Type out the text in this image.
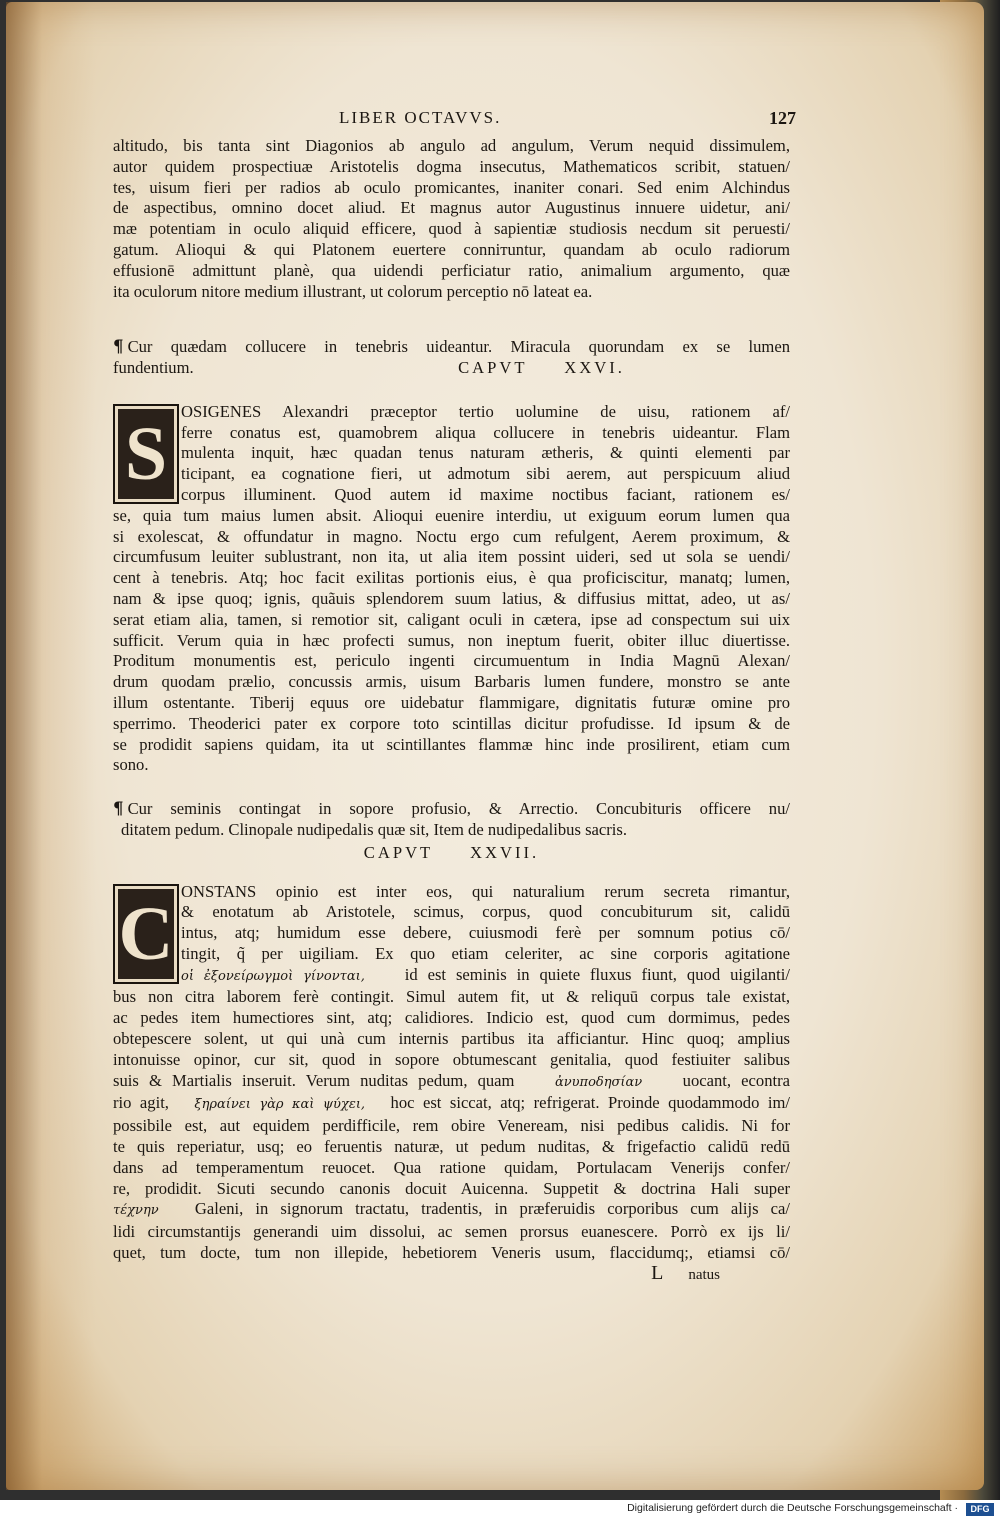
LIBER OCTAVVS.	127
altitudo, bis tanta sint Diagonios ab angulo ad angulum, Verum nequid dissimulem,
autor quidem prospectiuæ Aristotelis dogma insecutus, Mathematicos scribit, statuen/
tes, uisum fieri per radios ab oculo promicantes, inaniter conari. Sed enim Alchindus
de aspectibus, omnino docet aliud. Et magnus autor Augustinus innuere uidetur, ani/
mæ potentiam in oculo aliquid efficere, quod à sapientiæ studiosis necdum sit peruesti/
gatum. Alioqui & qui Platonem euertere conniтuntur, quandam ab oculo radiorum
effusionē admittunt planè, qua uidendi perficiatur ratio, animalium argumento, quæ
ita oculorum nitore medium illustrant, ut colorum perceptio nō lateat ea.
¶ Cur quædam collucere in tenebris uideantur. Miracula quorundam ex se lumen
fundentium.	CAPVT XXVI.
S
OSIGENES Alexandri præceptor tertio uolumine de uisu, rationem af/
ferre conatus est, quamobrem aliqua collucere in tenebris uideantur. Flam
mulenta inquit, hæc quadan tenus naturam ætheris, & quinti elementi par
ticipant, ea cognatione fieri, ut admotum sibi aerem, aut perspicuum aliud
corpus illuminent. Quod autem id maxime noctibus faciant, rationem es/
se, quia tum maius lumen absit. Alioqui euenire interdiu, ut exiguum eorum lumen qua
si exolescat, & offundatur in magno. Noctu ergo cum refulgent, Aerem proximum, &
circumfusum leuiter sublustrant, non ita, ut alia item possint uideri, sed ut sola se uendi/
cent à tenebris. Atq; hoc facit exilitas portionis eius, è qua proficiscitur, manatq; lumen,
nam & ipse quoq; ignis, quãuis splendorem suum latius, & diffusius mittat, adeo, ut as/
serat etiam alia, tamen, si remotior sit, caligant oculi in cætera, ipse ad conspectum sui uix
sufficit. Verum quia in hæc profecti sumus, non ineptum fuerit, obiter illuc diuertisse.
Proditum monumentis est, periculo ingenti circumuentum in India Magnū Alexan/
drum quodam prælio, concussis armis, uisum Barbaris lumen fundere, monstro se ante
illum ostentante. Tiberij equus ore uidebatur flammigare, dignitatis futuræ omine pro
sperrimo. Theoderici pater ex corpore toto scintillas dicitur profudisse. Id ipsum & de
se prodidit sapiens quidam, ita ut scintillantes flammæ hinc inde prosilirent, etiam cum
sono.
¶ Cur seminis contingat in sopore profusio, & Arrectio. Concubituris officere nu/
ditatem pedum. Clinopale nudipedalis quæ sit, Item de nudipedalibus sacris.
CAPVT XXVII.
C
ONSTANS opinio est inter eos, qui naturalium rerum secreta rimantur,
& enotatum ab Aristotele, scimus, corpus, quod concubiturum sit, calidū
intus, atq; humidum esse debere, cuiusmodi ferè per somnum potius cō/
tingit, q̃ per uigiliam. Ex quo etiam celeriter, ac sine corporis agitatione
οἱ ἐξονείρωγμοὶ γίνονται, id est seminis in quiete fluxus fiunt, quod uigilanti/
bus non citra laborem ferè contingit. Simul autem fit, ut & reliquū corpus tale existat,
ac pedes item humectiores sint, atq; calidiores. Indicio est, quod cum dormimus, pedes
obtepescere solent, ut qui unà cum internis partibus ita afficiantur. Hinc quoq; amplius
intonuisse opinor, cur sit, quod in sopore obtumescant genitalia, quod festiuiter salibus
suis & Martialis inseruit. Verum nuditas pedum, quam	ἀνυποδησίαν uocant, econtra
rio agit, ξηραίνει γὰρ καὶ ψύχει, hoc est siccat, atq; refrigerat. Proinde quodammodo im/
possibile est, aut equidem perdifficile, rem obire Veneream, nisi pedibus calidis. Ni for
te quis reperiatur, usq; eo feruentis naturæ, ut pedum nuditas, & frigefactio calidū redū
dans ad temperamentum reuocet. Qua ratione quidam, Portulacam Venerijs confer/
re, prodidit. Sicuti secundo canonis docuit Auicenna. Suppetit & doctrina Hali super
τέχνην Galeni, in signorum tractatu, tradentis, in præferuidis corporibus cum alijs ca/
lidi circumstantijs generandi uim dissolui, ac semen prorsus euanescere. Porrò ex ijs li/
quet, tum docte, tum non illepide, hebetiorem Veneris usum, flaccidumq;, etiamsi cō/
L natus
Digitalisierung gefördert durch die Deutsche Forschungsgemeinschaft ·	DFG
